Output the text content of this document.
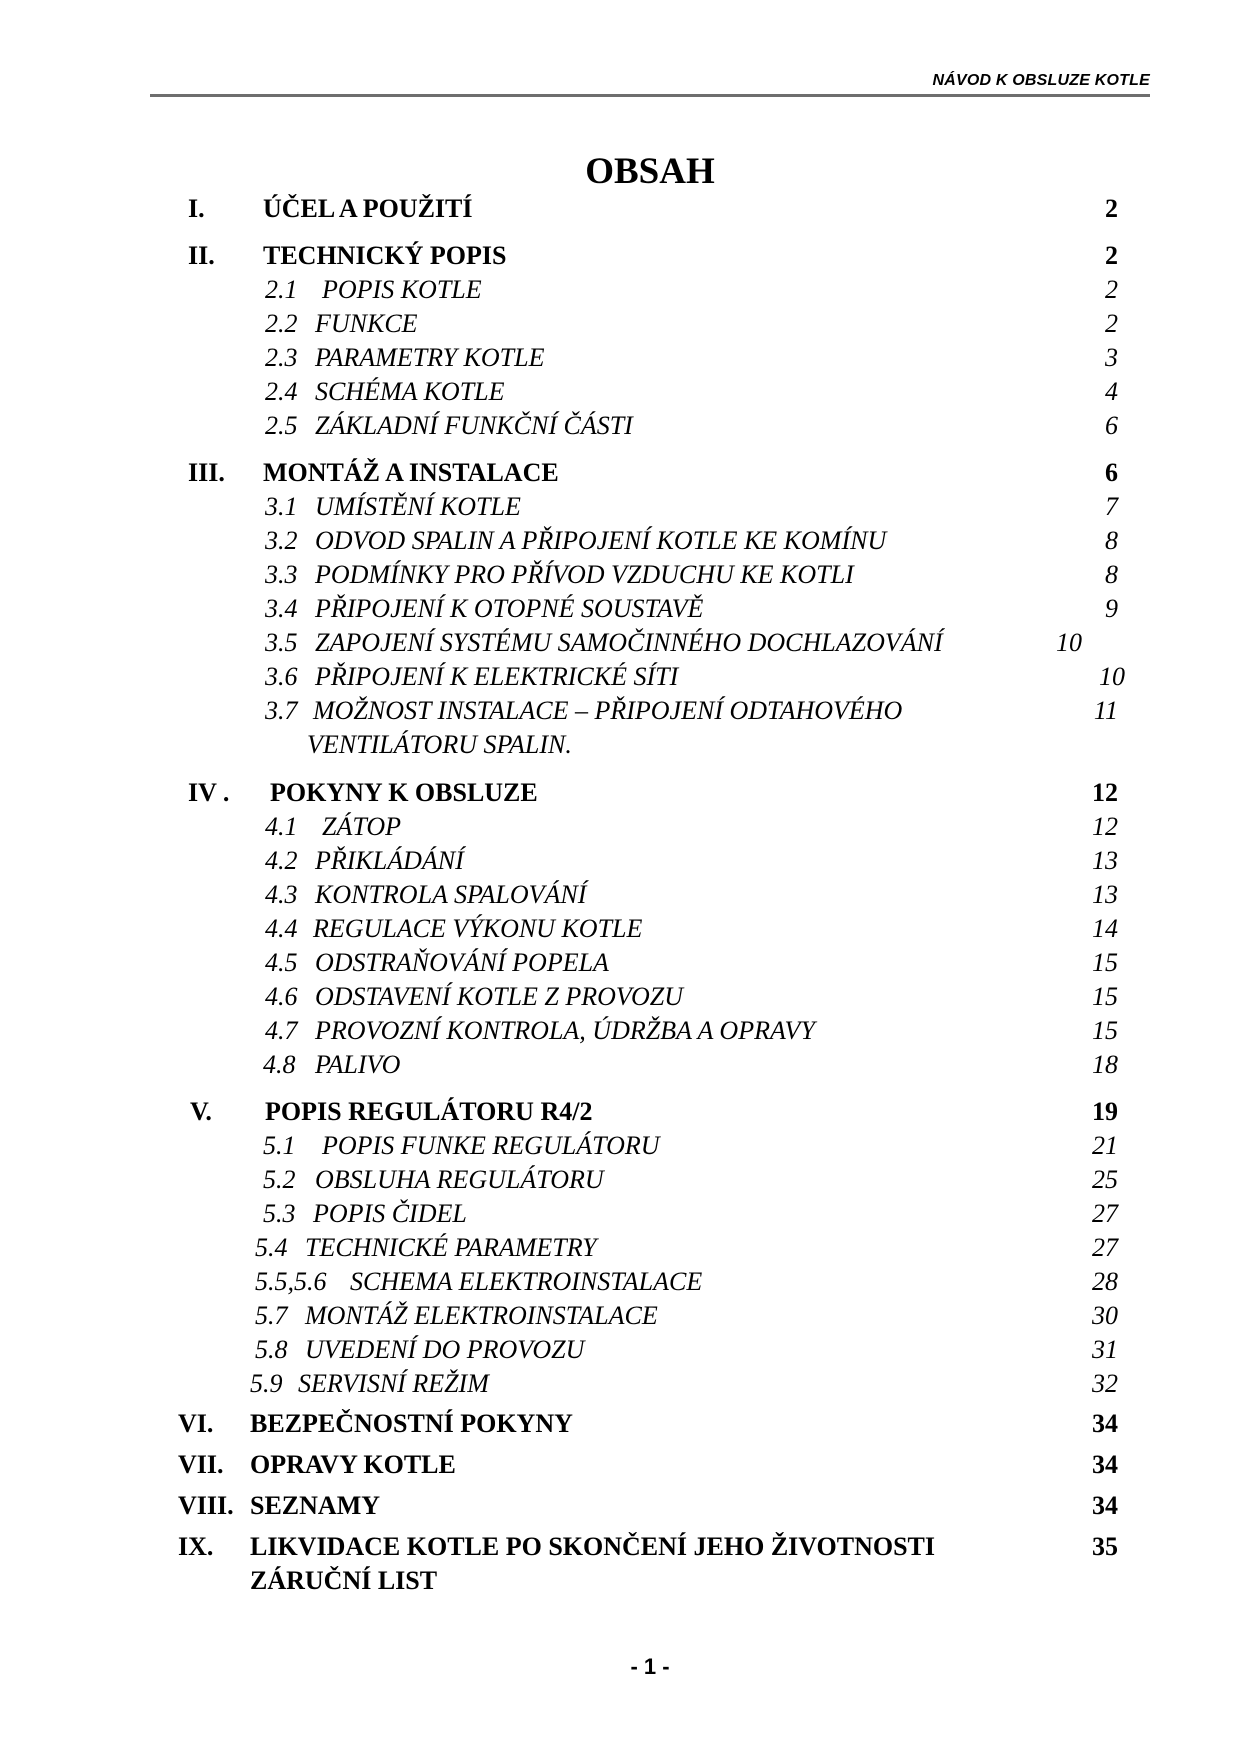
NÁVOD K OBSLUZE KOTLE
OBSAH
I. ÚČEL A POUŽITÍ	2
II. TECHNICKÝ POPIS	2
2.1 POPIS KOTLE	2
2.2 FUNKCE	2
2.3 PARAMETRY KOTLE	3
2.4 SCHÉMA KOTLE	4
2.5 ZÁKLADNÍ FUNKČNÍ ČÁSTI	6
III. MONTÁŽ A INSTALACE	6
3.1 UMÍSTĚNÍ KOTLE	7
3.2 ODVOD SPALIN A PŘIPOJENÍ KOTLE KE KOMÍNU	8
3.3 PODMÍNKY PRO PŘÍVOD VZDUCHU KE KOTLI	8
3.4 PŘIPOJENÍ K OTOPNÉ SOUSTAVĚ	9
3.5 ZAPOJENÍ SYSTÉMU SAMOČINNÉHO DOCHLAZOVÁNÍ	10
3.6 PŘIPOJENÍ K ELEKTRICKÉ SÍTI	10
3.7 MOŽNOST INSTALACE – PŘIPOJENÍ ODTAHOVÉHO	11
VENTILÁTORU SPALIN.
IV . POKYNY K OBSLUZE	12
4.1 ZÁTOP	12
4.2 PŘIKLÁDÁNÍ	13
4.3 KONTROLA SPALOVÁNÍ	13
4.4 REGULACE VÝKONU KOTLE	14
4.5 ODSTRAŇOVÁNÍ POPELA	15
4.6 ODSTAVENÍ KOTLE Z PROVOZU	15
4.7 PROVOZNÍ KONTROLA, ÚDRŽBA A OPRAVY	15
4.8 PALIVO	18
V. POPIS REGULÁTORU R4/2	19
5.1 POPIS FUNKE REGULÁTORU	21
5.2 OBSLUHA REGULÁTORU	25
5.3 POPIS ČIDEL	27
5.4 TECHNICKÉ PARAMETRY	27
5.5,5.6 SCHEMA ELEKTROINSTALACE	28
5.7 MONTÁŽ ELEKTROINSTALACE	30
5.8 UVEDENÍ DO PROVOZU	31
5.9 SERVISNÍ REŽIM	32
VI. BEZPEČNOSTNÍ POKYNY	34
VII. OPRAVY KOTLE	34
VIII. SEZNAMY	34
IX. LIKVIDACE KOTLE PO SKONČENÍ JEHO ŽIVOTNOSTI	35
ZÁRUČNÍ LIST
- 1 -
